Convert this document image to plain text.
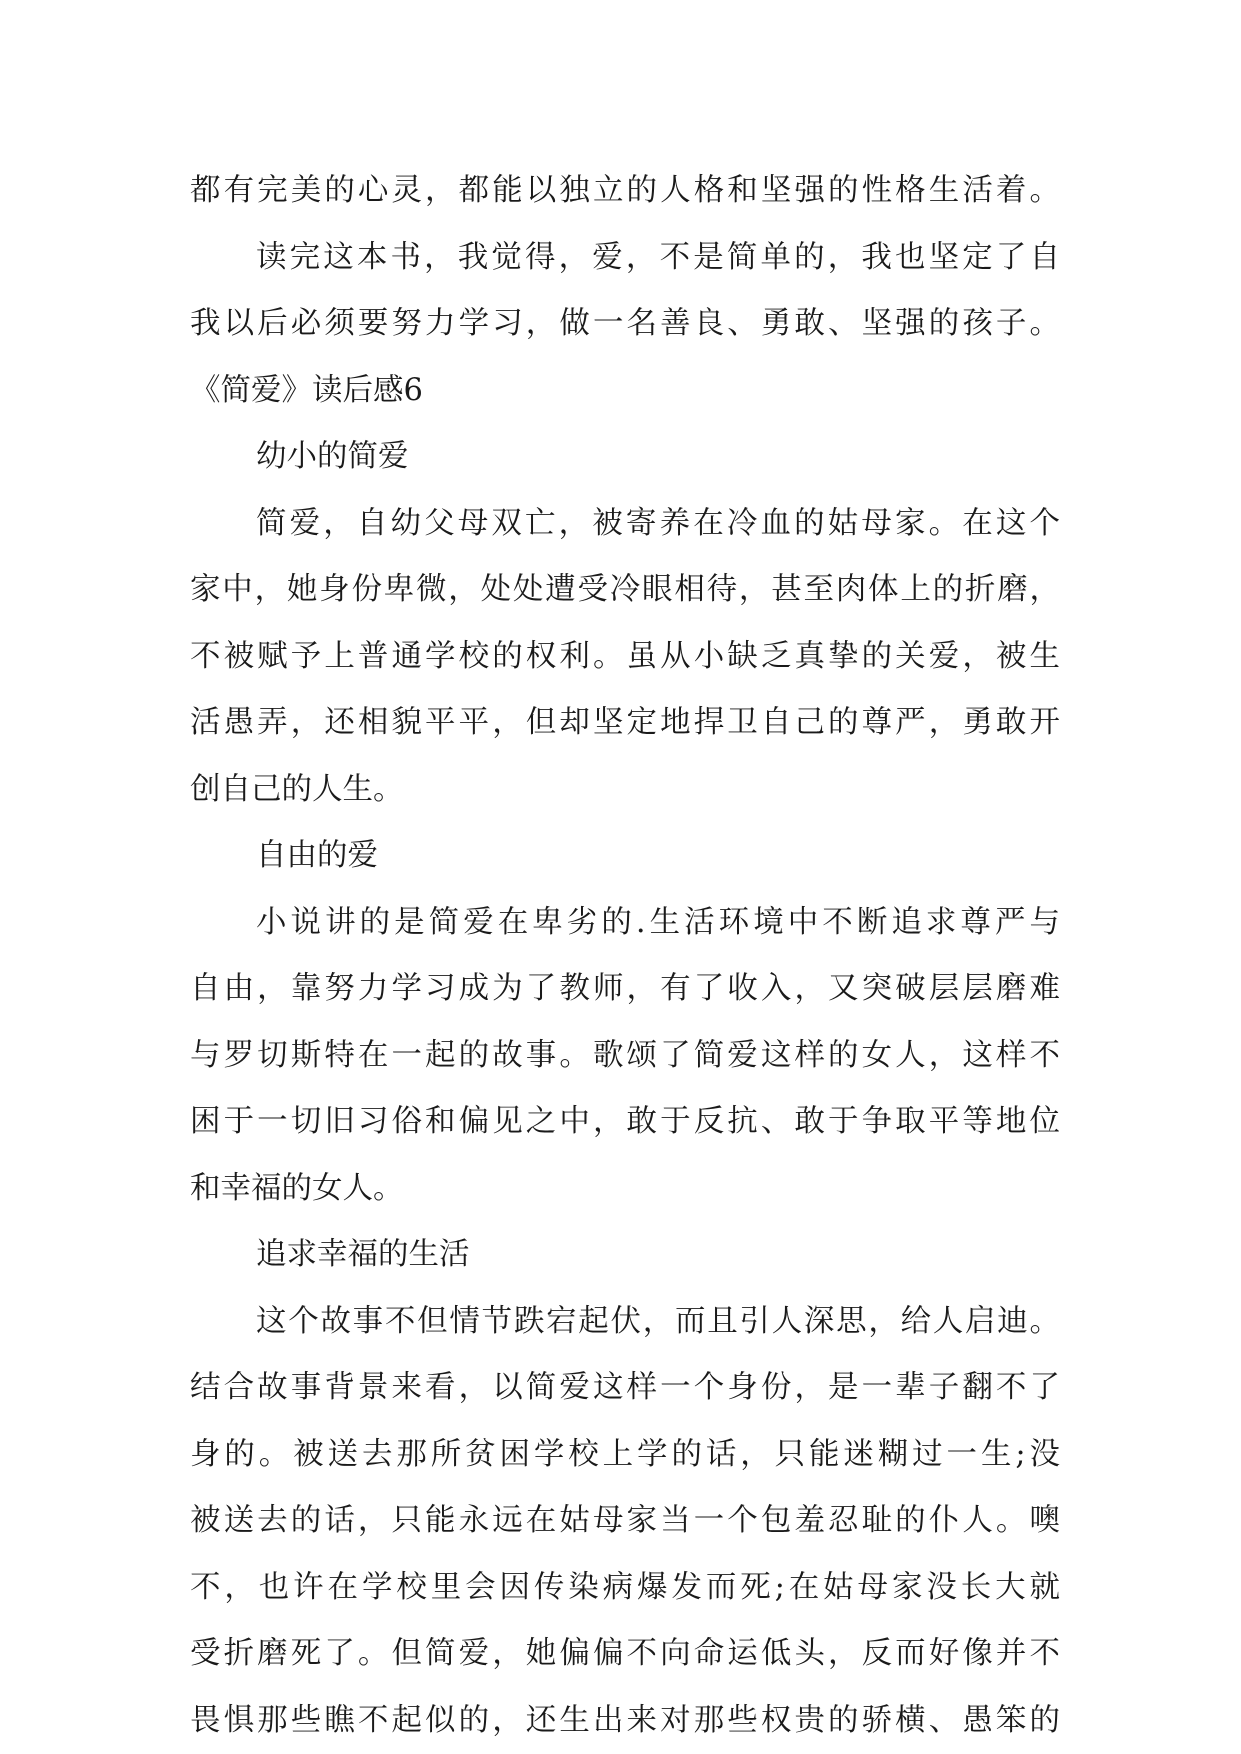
都有完美的心灵，都能以独立的人格和坚强的性格生活着。
读完这本书，我觉得，爱，不是简单的，我也坚定了自
我以后必须要努力学习，做一名善良、勇敢、坚强的孩子。
《简爱》读后感6
幼小的简爱
简爱，自幼父母双亡，被寄养在冷血的姑母家。在这个
家中，她身份卑微，处处遭受冷眼相待，甚至肉体上的折磨，
不被赋予上普通学校的权利。虽从小缺乏真挚的关爱，被生
活愚弄，还相貌平平，但却坚定地捍卫自己的尊严，勇敢开
创自己的人生。
自由的爱
小说讲的是简爱在卑劣的.生活环境中不断追求尊严与
自由，靠努力学习成为了教师，有了收入，又突破层层磨难
与罗切斯特在一起的故事。歌颂了简爱这样的女人，这样不
困于一切旧习俗和偏见之中，敢于反抗、敢于争取平等地位
和幸福的女人。
追求幸福的生活
这个故事不但情节跌宕起伏，而且引人深思，给人启迪。
结合故事背景来看，以简爱这样一个身份，是一辈子翻不了
身的。被送去那所贫困学校上学的话，只能迷糊过一生;没
被送去的话，只能永远在姑母家当一个包羞忍耻的仆人。噢
不，也许在学校里会因传染病爆发而死;在姑母家没长大就
受折磨死了。但简爱，她偏偏不向命运低头，反而好像并不
畏惧那些瞧不起似的，还生出来对那些权贵的骄横、愚笨的
